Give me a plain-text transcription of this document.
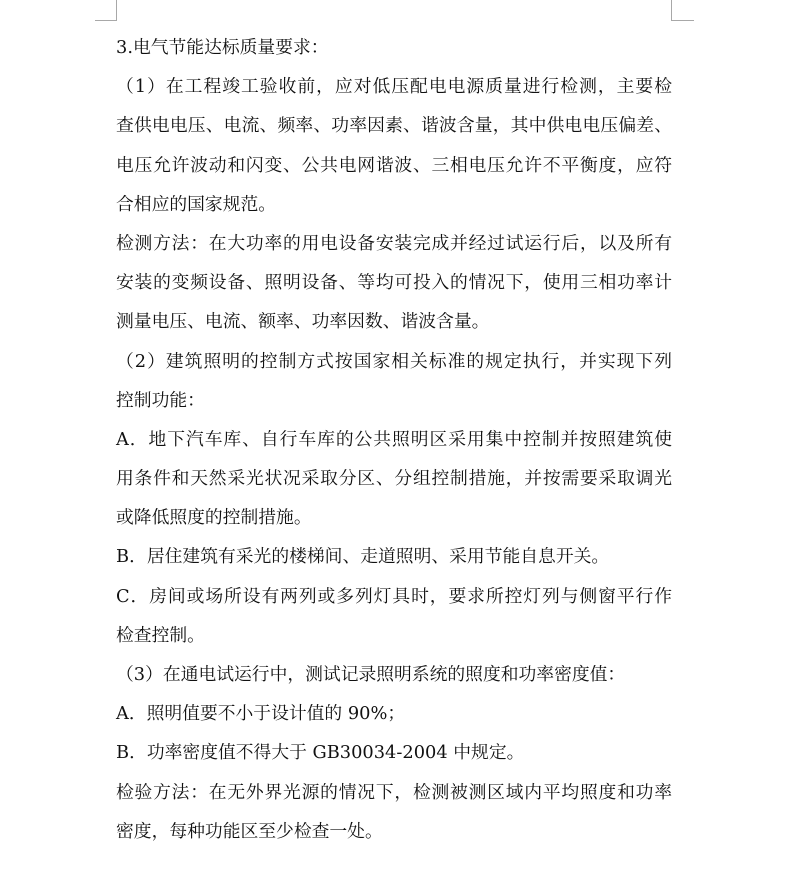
3.电气节能达标质量要求：
（1）在工程竣工验收前，应对低压配电电源质量进行检测，主要检
查供电电压、电流、频率、功率因素、谐波含量，其中供电电压偏差、
电压允许波动和闪变、公共电网谐波、三相电压允许不平衡度，应符
合相应的国家规范。
检测方法：在大功率的用电设备安装完成并经过试运行后，以及所有
安装的变频设备、照明设备、等均可投入的情况下，使用三相功率计
测量电压、电流、额率、功率因数、谐波含量。
（2）建筑照明的控制方式按国家相关标准的规定执行，并实现下列
控制功能：
A．地下汽车库、自行车库的公共照明区采用集中控制并按照建筑使
用条件和天然采光状况采取分区、分组控制措施，并按需要采取调光
或降低照度的控制措施。
B．居住建筑有采光的楼梯间、走道照明、采用节能自息开关。
C．房间或场所设有两列或多列灯具时，要求所控灯列与侧窗平行作
检查控制。
（3）在通电试运行中，测试记录照明系统的照度和功率密度值：
A．照明值要不小于设计值的 90%；
B．功率密度值不得大于 GB30034-2004 中规定。
检验方法：在无外界光源的情况下，检测被测区域内平均照度和功率
密度，每种功能区至少检查一处。
